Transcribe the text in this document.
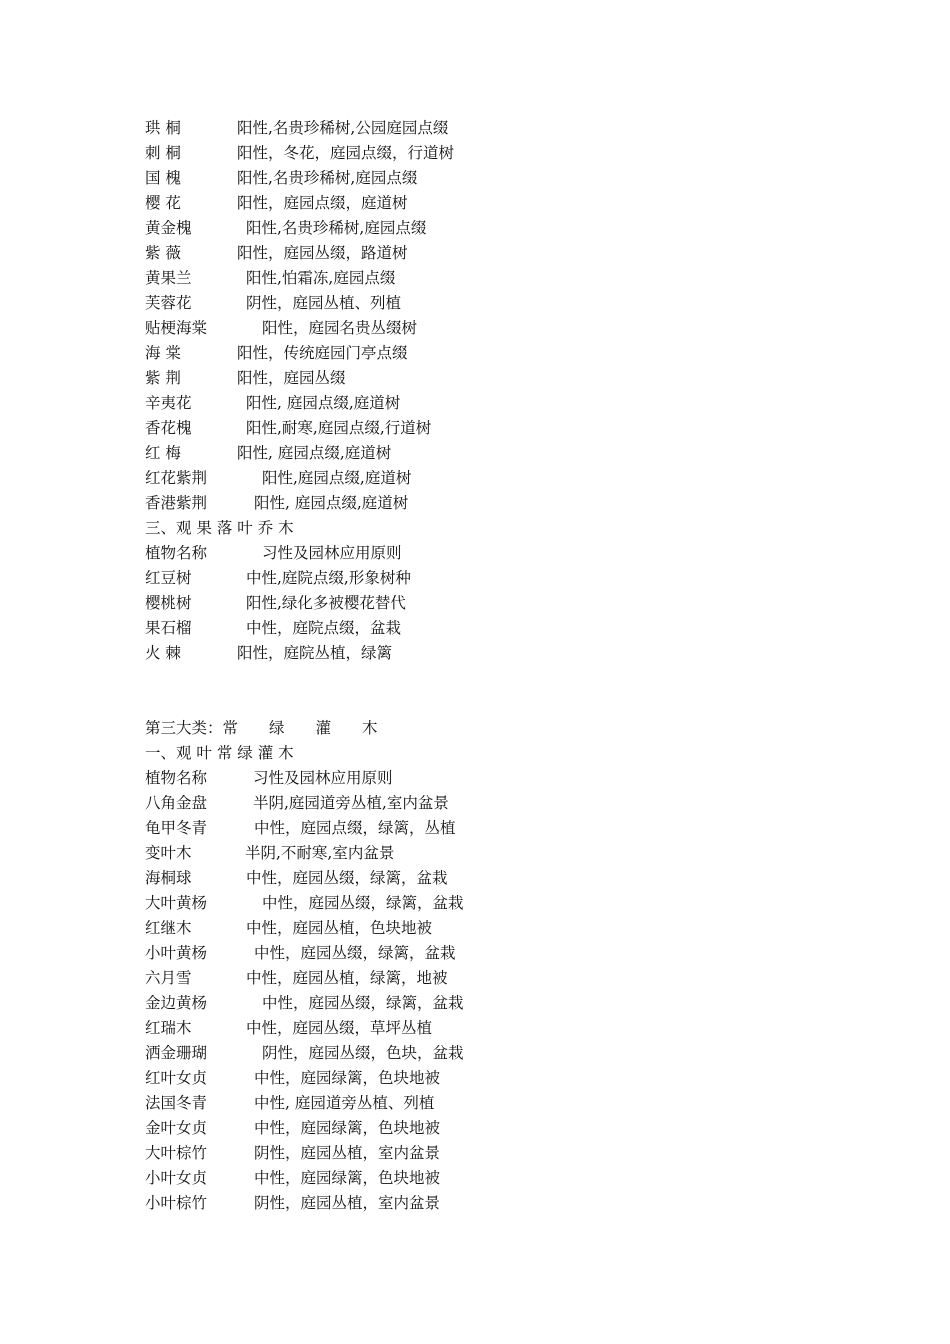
珙 桐	阳性,名贵珍稀树,公园庭园点缀
刺 桐	阳性，冬花，庭园点缀，行道树
国 槐	阳性,名贵珍稀树,庭园点缀
樱 花	阳性，庭园点缀，庭道树
黄金槐	阳性,名贵珍稀树,庭园点缀
紫 薇	阳性，庭园丛缀，路道树
黄果兰	阳性,怕霜冻,庭园点缀
芙蓉花	阴性，庭园丛植、列植
贴梗海棠	阳性，庭园名贵丛缀树
海 棠	阳性，传统庭园门亭点缀
紫 荆	阳性，庭园丛缀
辛夷花	阳性, 庭园点缀,庭道树
香花槐	阳性,耐寒,庭园点缀,行道树
红 梅	阳性, 庭园点缀,庭道树
红花紫荆	阳性,庭园点缀,庭道树
香港紫荆	阳性, 庭园点缀,庭道树
三、观 果 落 叶 乔 木
植物名称	习性及园林应用原则
红豆树	中性,庭院点缀,形象树种
樱桃树	阳性,绿化多被樱花替代
果石榴	中性，庭院点缀，盆栽
火 棘	阳性，庭院丛植，绿篱
第三大类：常　　绿　　灌　　木
一、观 叶 常 绿 灌 木
植物名称	习性及园林应用原则
八角金盘	半阴,庭园道旁丛植,室内盆景
龟甲冬青	中性，庭园点缀，绿篱，丛植
变叶木	半阴,不耐寒,室内盆景
海桐球	中性，庭园丛缀，绿篱，盆栽
大叶黄杨	中性，庭园丛缀，绿篱，盆栽
红继木	中性，庭园丛植，色块地被
小叶黄杨	中性，庭园丛缀，绿篱，盆栽
六月雪	中性，庭园丛植，绿篱，地被
金边黄杨	中性，庭园丛缀，绿篱，盆栽
红瑞木	中性，庭园丛缀，草坪丛植
洒金珊瑚	阴性，庭园丛缀，色块，盆栽
红叶女贞	中性，庭园绿篱，色块地被
法国冬青	中性, 庭园道旁丛植、列植
金叶女贞	中性，庭园绿篱，色块地被
大叶棕竹	阴性，庭园丛植，室内盆景
小叶女贞	中性，庭园绿篱，色块地被
小叶棕竹	阴性，庭园丛植，室内盆景
